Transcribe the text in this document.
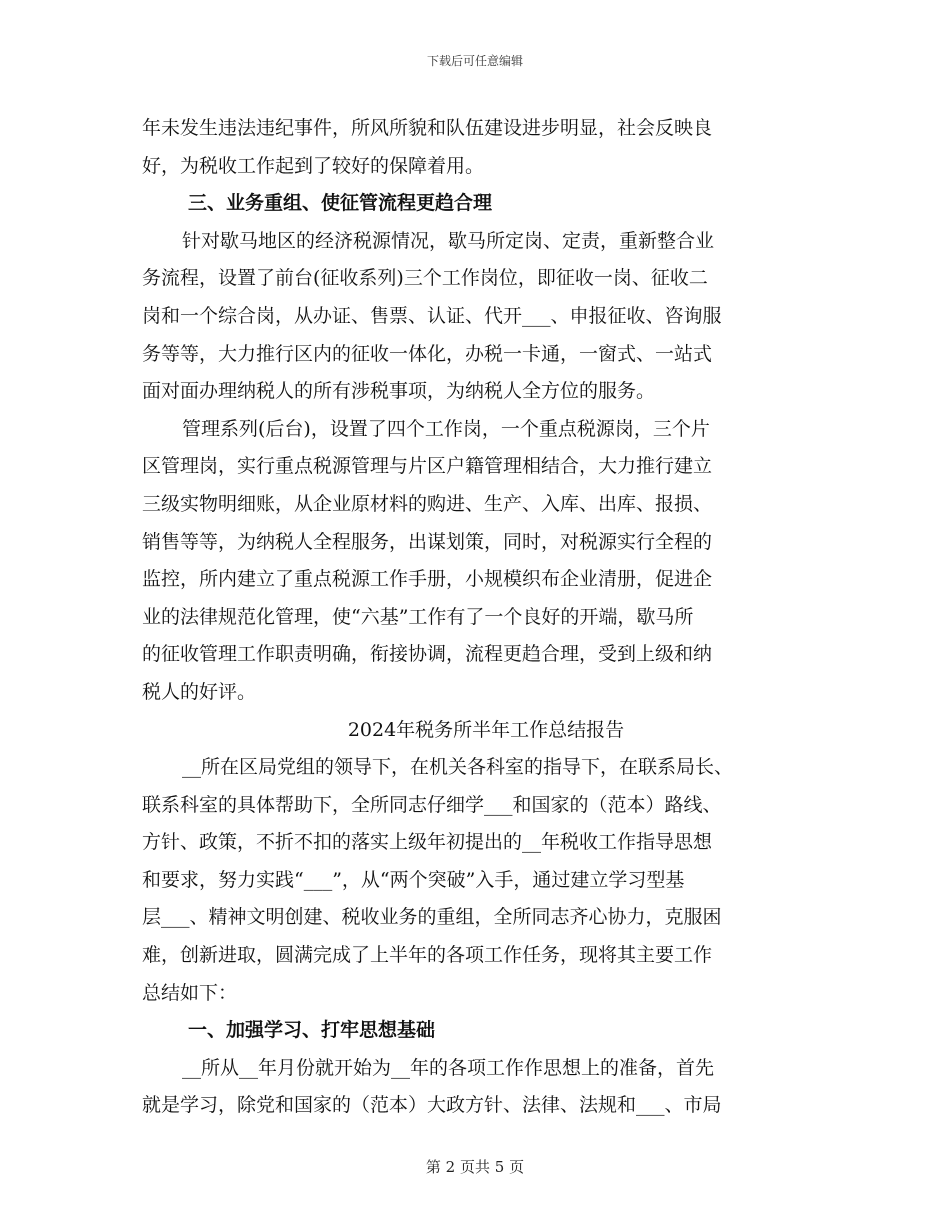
下载后可任意编辑
年未发生违法违纪事件，所风所貌和队伍建设进步明显，社会反映良
好，为税收工作起到了较好的保障着用。
三、业务重组、使征管流程更趋合理
针对歇马地区的经济税源情况，歇马所定岗、定责，重新整合业
务流程，设置了前台(征收系列)三个工作岗位，即征收一岗、征收二
岗和一个综合岗，从办证、售票、认证、代开___、申报征收、咨询服
务等等，大力推行区内的征收一体化，办税一卡通，一窗式、一站式
面对面办理纳税人的所有涉税事项，为纳税人全方位的服务。
管理系列(后台)，设置了四个工作岗，一个重点税源岗，三个片
区管理岗，实行重点税源管理与片区户籍管理相结合，大力推行建立
三级实物明细账，从企业原材料的购进、生产、入库、出库、报损、
销售等等，为纳税人全程服务，出谋划策，同时，对税源实行全程的
监控，所内建立了重点税源工作手册，小规模织布企业清册，促进企
业的法律规范化管理，使“六基”工作有了一个良好的开端，歇马所
的征收管理工作职责明确，衔接协调，流程更趋合理，受到上级和纳
税人的好评。
2024年税务所半年工作总结报告
__所在区局党组的领导下，在机关各科室的指导下，在联系局长、
联系科室的具体帮助下，全所同志仔细学___和国家的（范本）路线、
方针、政策，不折不扣的落实上级年初提出的__年税收工作指导思想
和要求，努力实践“___”，从“两个突破”入手，通过建立学习型基
层___、精神文明创建、税收业务的重组，全所同志齐心协力，克服困
难，创新进取，圆满完成了上半年的各项工作任务，现将其主要工作
总结如下：
一、加强学习、打牢思想基础
__所从__年月份就开始为__年的各项工作作思想上的准备，首先
就是学习，除党和国家的（范本）大政方针、法律、法规和___、市局
第 2 页共 5 页
